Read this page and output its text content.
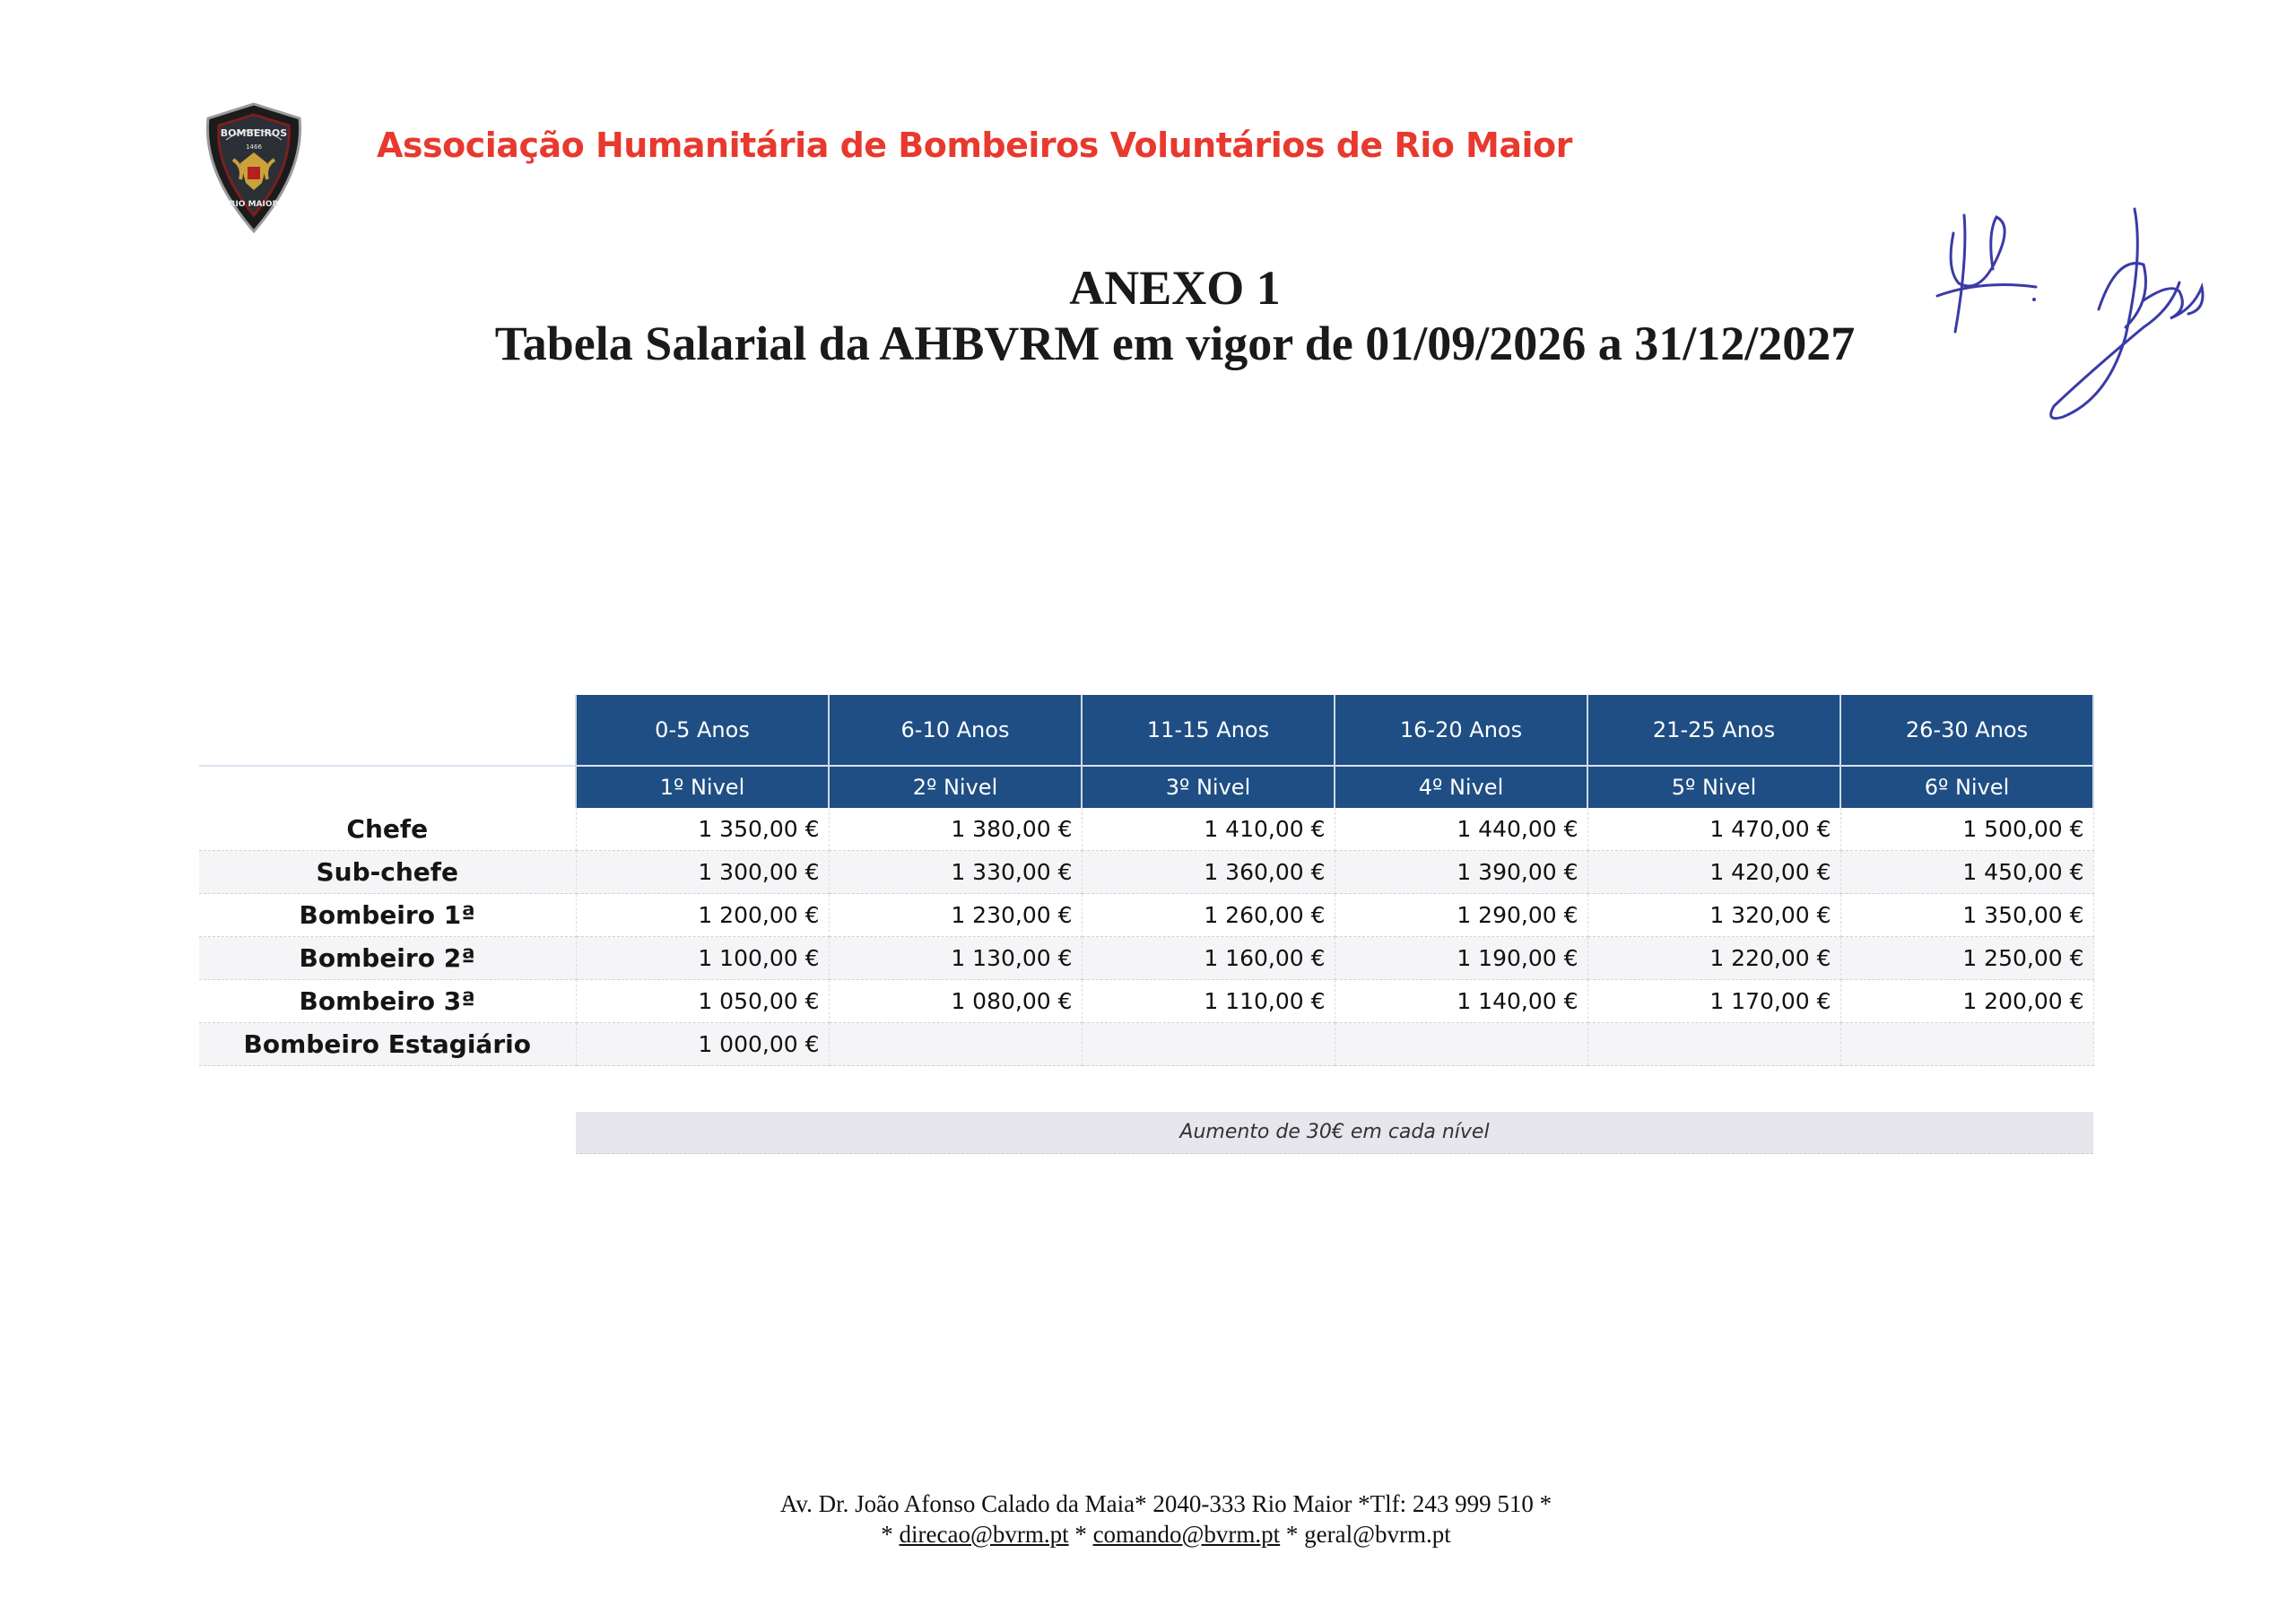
BOMBEIROS
1466
RIO MAIOR
Associação Humanitária de Bombeiros Voluntários de Rio Maior
ANEXO 1
Tabela Salarial da AHBVRM em vigor de 01/09/2026 a 31/12/2027
	0-5 Anos	6-10 Anos	11-15 Anos	16-20 Anos	21-25 Anos	26-30 Anos
	1º Nivel	2º Nivel	3º Nivel	4º Nivel	5º Nivel	6º Nivel
Chefe	1 350,00 €	1 380,00 €	1 410,00 €	1 440,00 €	1 470,00 €	1 500,00 €
Sub-chefe	1 300,00 €	1 330,00 €	1 360,00 €	1 390,00 €	1 420,00 €	1 450,00 €
Bombeiro 1ª	1 200,00 €	1 230,00 €	1 260,00 €	1 290,00 €	1 320,00 €	1 350,00 €
Bombeiro 2ª	1 100,00 €	1 130,00 €	1 160,00 €	1 190,00 €	1 220,00 €	1 250,00 €
Bombeiro 3ª	1 050,00 €	1 080,00 €	1 110,00 €	1 140,00 €	1 170,00 €	1 200,00 €
Bombeiro Estagiário	1 000,00 €					
Aumento de 30€ em cada nível
Av. Dr. João Afonso Calado da Maia* 2040-333 Rio Maior *Tlf: 243 999 510 *
* direcao@bvrm.pt * comando@bvrm.pt * geral@bvrm.pt
